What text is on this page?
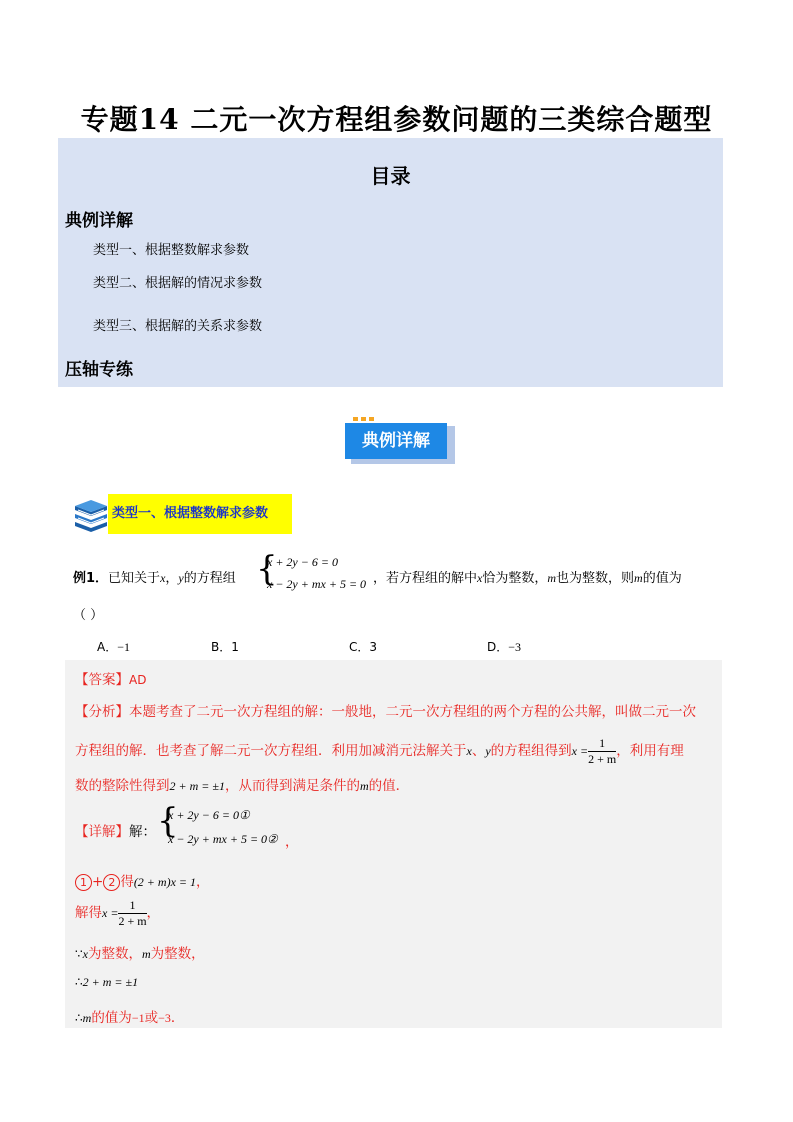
专题14 二元一次方程组参数问题的三类综合题型
目录
典例详解
类型一、根据整数解求参数
类型二、根据解的情况求参数
类型三、根据解的关系求参数
压轴专练
典例详解
类型一、根据整数解求参数
例1．已知关于x，y的方程组 {
x + 2y − 6 = 0
x − 2y + mx + 5 = 0 ，若方程组的解中x恰为整数，m也为整数，则m的值为
（ ）
A．−1	B．1	C．3	D．−3
【答案】AD
【分析】本题考查了二元一次方程组的解：一般地，二元一次方程组的两个方程的公共解，叫做二元一次
方程组的解．也考查了解二元一次方程组．利用加减消元法解关于x、y的方程组得到$x = \frac{1}{2 + m}$ ，利用有理
数的整除性得到2 + m = ±1，从而得到满足条件的m的值．
【详解】解： {
x + 2y − 6 = 0①
x − 2y + mx + 5 = 0② ，
1 + 2 得(2 + m)x = 1，
解得$x = \frac{1}{2 + m}$ ，
∵x为整数，m为整数，
∴2 + m = ±1
∴m的值为−1或−3．
